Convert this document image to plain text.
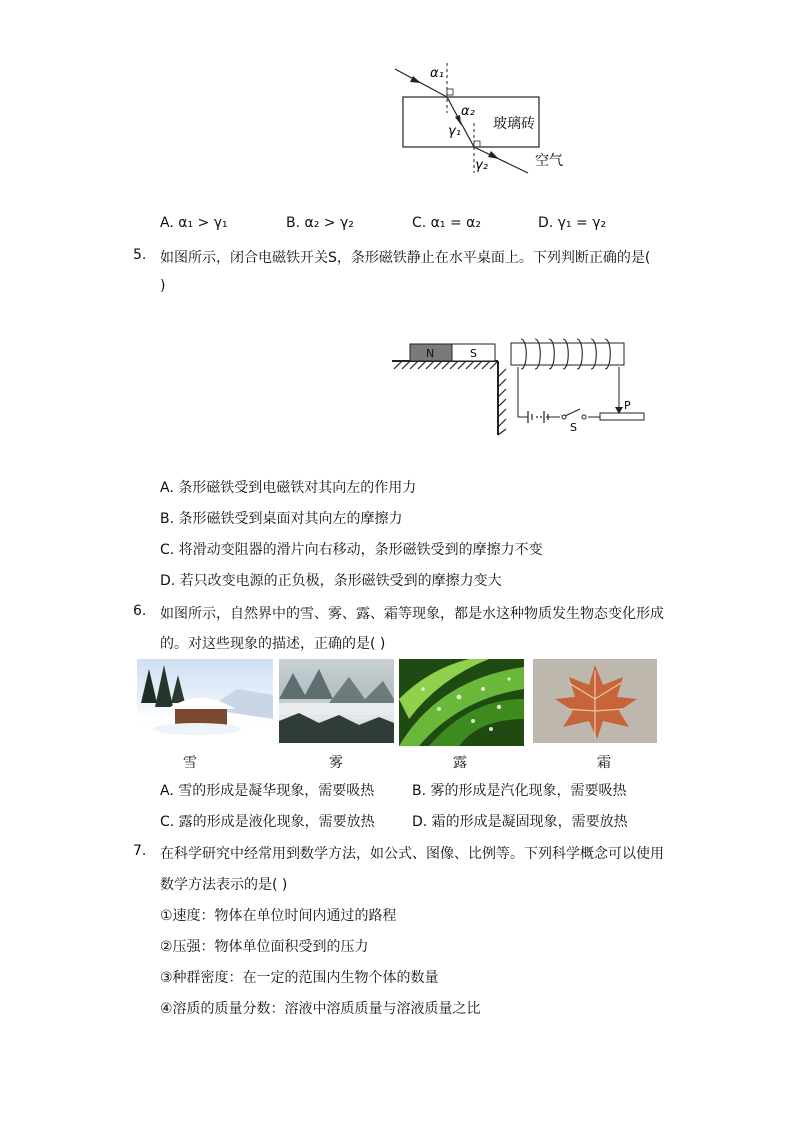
α₁
α₂
γ₁
γ₂
玻璃砖
空气
A. α₁ > γ₁	B. α₂ > γ₂	C. α₁ = α₂	D. γ₁ = γ₂
5. 如图所示，闭合电磁铁开关S，条形磁铁静止在水平桌面上。下列判断正确的是(
)
N	S
S
P
A. 条形磁铁受到电磁铁对其向左的作用力
B. 条形磁铁受到桌面对其向左的摩擦力
C. 将滑动变阻器的滑片向右移动，条形磁铁受到的摩擦力不变
D. 若只改变电源的正负极，条形磁铁受到的摩擦力变大
6. 如图所示，自然界中的雪、雾、露、霜等现象，都是水这种物质发生物态变化形成
的。对这些现象的描述，正确的是( )
雪	雾	露	霜
A. 雪的形成是凝华现象，需要吸热	B. 雾的形成是汽化现象，需要吸热
C. 露的形成是液化现象，需要放热	D. 霜的形成是凝固现象，需要放热
7. 在科学研究中经常用到数学方法，如公式、图像、比例等。下列科学概念可以使用
数学方法表示的是( )
①速度：物体在单位时间内通过的路程
②压强：物体单位面积受到的压力
③种群密度：在一定的范围内生物个体的数量
④溶质的质量分数：溶液中溶质质量与溶液质量之比
